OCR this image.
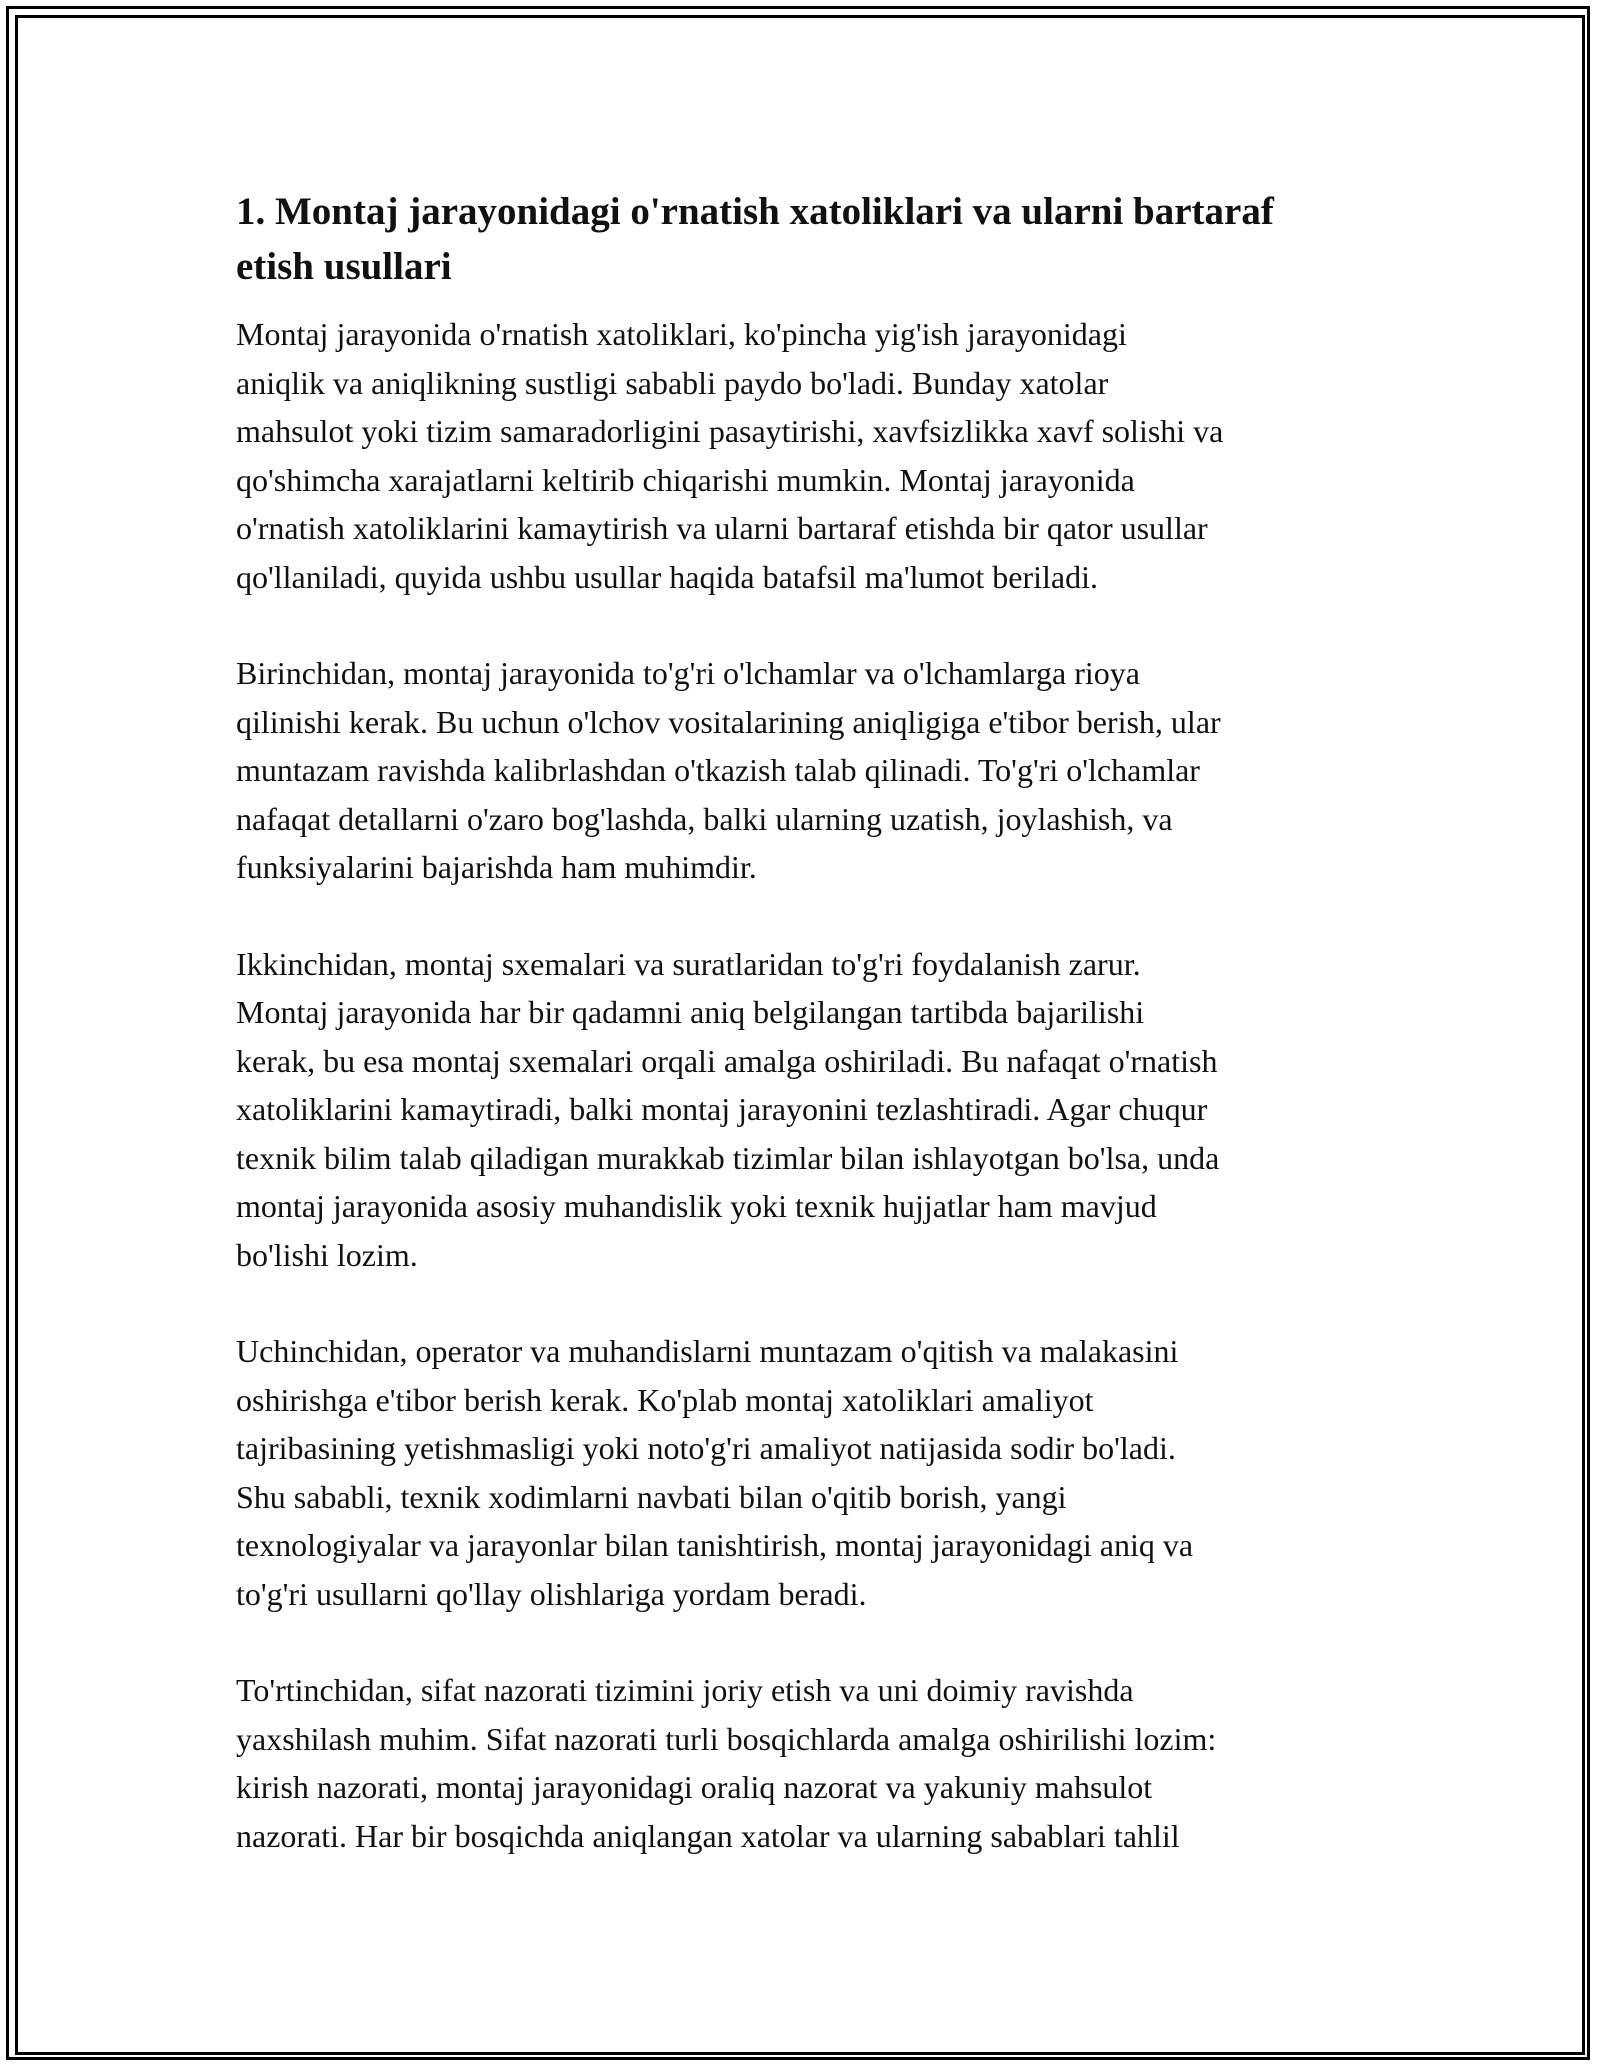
1. Montaj jarayonidagi o'rnatish xatoliklari va ularni bartaraf
etish usullari

Montaj jarayonida o'rnatish xatoliklari, ko'pincha yig'ish jarayonidagi
aniqlik va aniqlikning sustligi sababli paydo bo'ladi. Bunday xatolar
mahsulot yoki tizim samaradorligini pasaytirishi, xavfsizlikka xavf solishi va
qo'shimcha xarajatlarni keltirib chiqarishi mumkin. Montaj jarayonida
o'rnatish xatoliklarini kamaytirish va ularni bartaraf etishda bir qator usullar
qo'llaniladi, quyida ushbu usullar haqida batafsil ma'lumot beriladi.

Birinchidan, montaj jarayonida to'g'ri o'lchamlar va o'lchamlarga rioya
qilinishi kerak. Bu uchun o'lchov vositalarining aniqligiga e'tibor berish, ular
muntazam ravishda kalibrlashdan o'tkazish talab qilinadi. To'g'ri o'lchamlar
nafaqat detallarni o'zaro bog'lashda, balki ularning uzatish, joylashish, va
funksiyalarini bajarishda ham muhimdir.

Ikkinchidan, montaj sxemalari va suratlaridan to'g'ri foydalanish zarur.
Montaj jarayonida har bir qadamni aniq belgilangan tartibda bajarilishi
kerak, bu esa montaj sxemalari orqali amalga oshiriladi. Bu nafaqat o'rnatish
xatoliklarini kamaytiradi, balki montaj jarayonini tezlashtiradi. Agar chuqur
texnik bilim talab qiladigan murakkab tizimlar bilan ishlayotgan bo'lsa, unda
montaj jarayonida asosiy muhandislik yoki texnik hujjatlar ham mavjud
bo'lishi lozim.

Uchinchidan, operator va muhandislarni muntazam o'qitish va malakasini
oshirishga e'tibor berish kerak. Ko'plab montaj xatoliklari amaliyot
tajribasining yetishmasligi yoki noto'g'ri amaliyot natijasida sodir bo'ladi.
Shu sababli, texnik xodimlarni navbati bilan o'qitib borish, yangi
texnologiyalar va jarayonlar bilan tanishtirish, montaj jarayonidagi aniq va
to'g'ri usullarni qo'llay olishlariga yordam beradi.

To'rtinchidan, sifat nazorati tizimini joriy etish va uni doimiy ravishda
yaxshilash muhim. Sifat nazorati turli bosqichlarda amalga oshirilishi lozim:
kirish nazorati, montaj jarayonidagi oraliq nazorat va yakuniy mahsulot
nazorati. Har bir bosqichda aniqlangan xatolar va ularning sabablari tahlil
